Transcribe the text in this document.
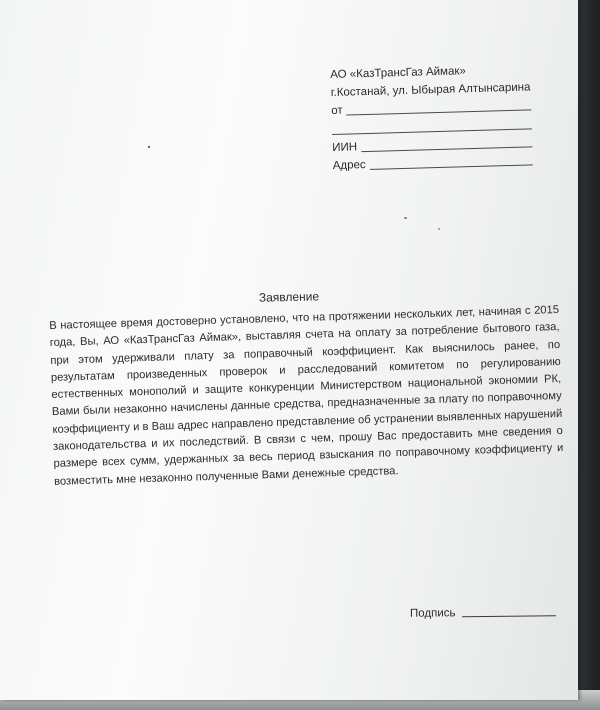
АО «КазТрансГаз Аймак»
г.Костанай, ул. Ыбырая Алтынсарина
от
ИИН
Адрес
Заявление
В настоящее время достоверно установлено, что на протяжении нескольких лет, начиная с 2015 года, Вы, АО «КазТрансГаз Аймак», выставляя счета на оплату за потребление бытового газа, при этом удерживали плату за поправочный коэффициент. Как выяснилось ранее, по результатам произведенных проверок и расследований комитетом по регулированию естественных монополий и защите конкуренции Министерством национальной экономии РК, Вами были незаконно начислены данные средства, предназначенные за плату по поправочному коэффициенту и в Ваш адрес направлено представление об устранении выявленных нарушений законодательства и их последствий. В связи с чем, прошу Вас предоставить мне сведения о размере всех сумм, удержанных за весь период взыскания по поправочному коэффициенту и возместить мне незаконно полученные Вами денежные средства.
Подпись
